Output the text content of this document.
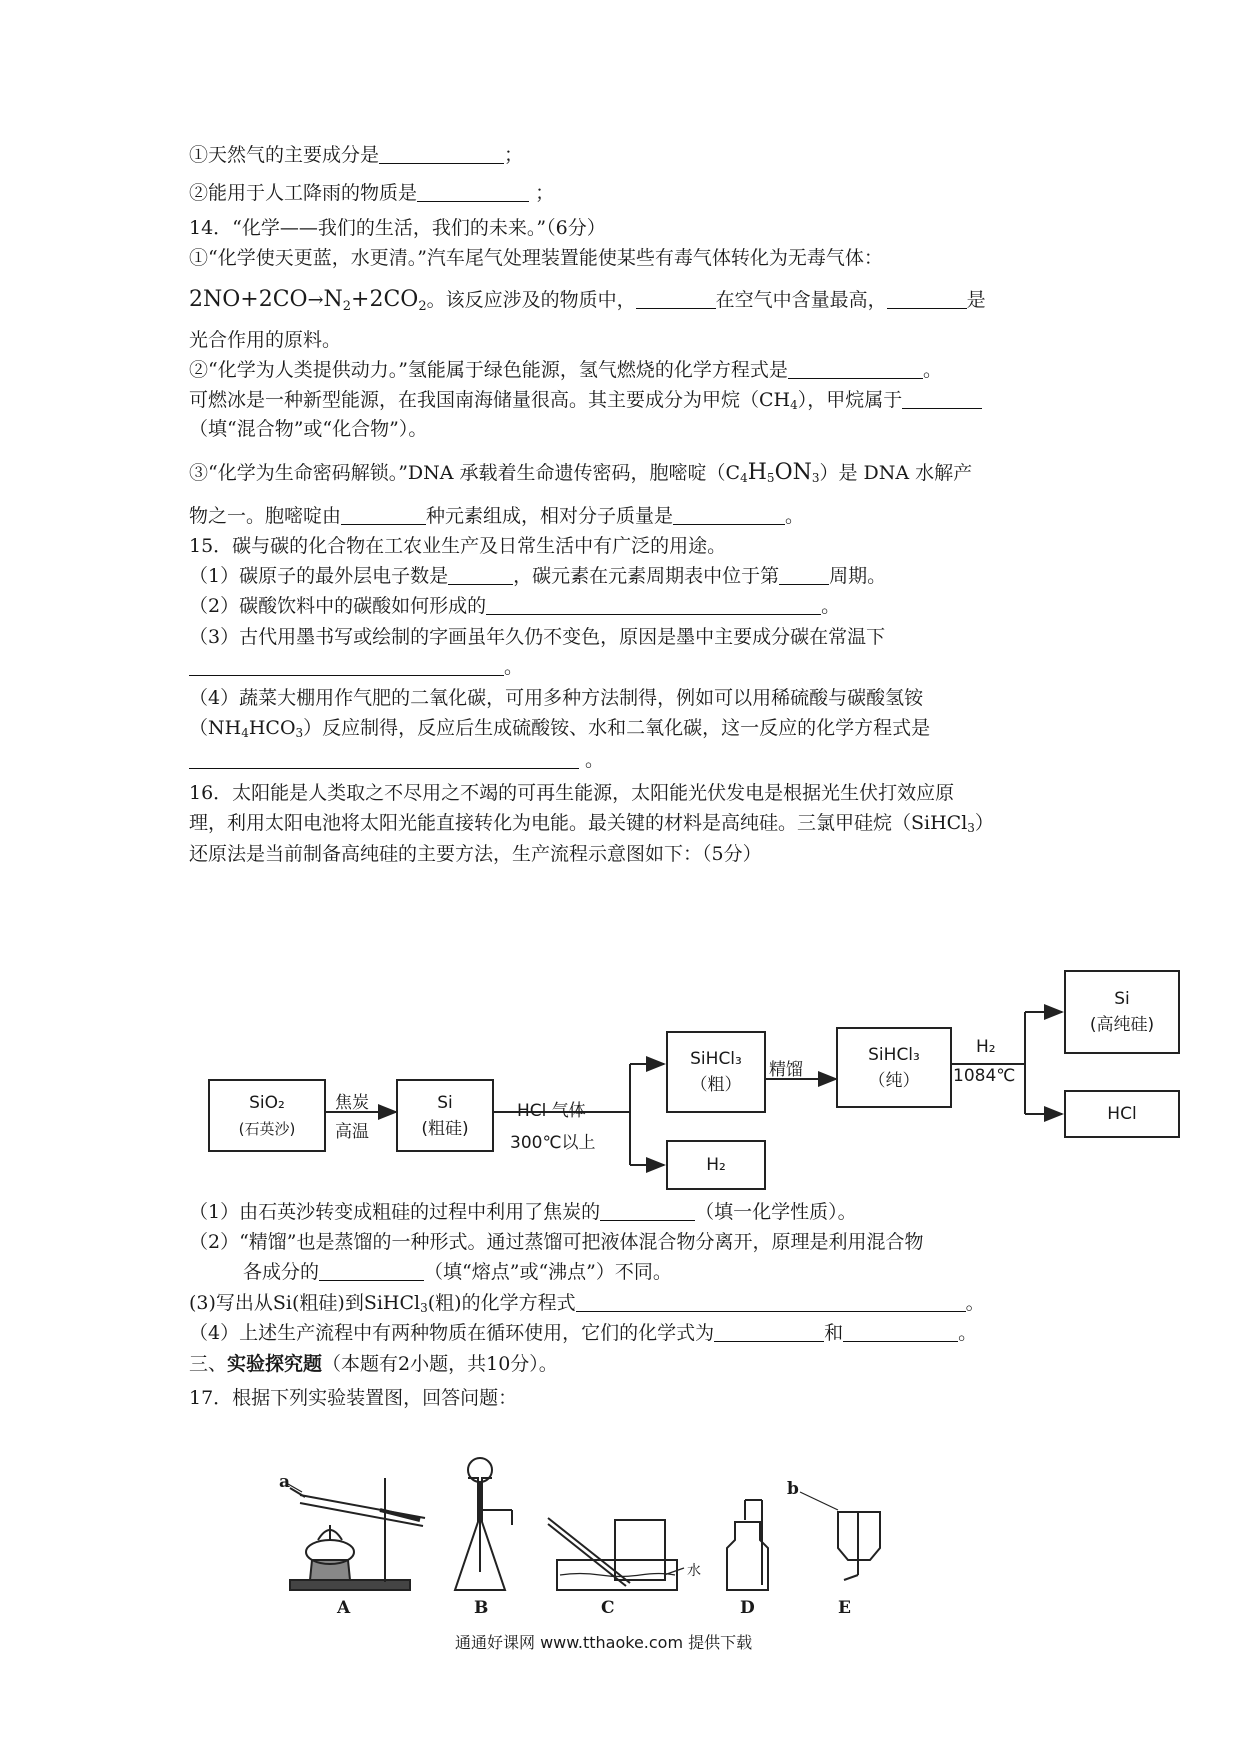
①天然气的主要成分是	；
②能用于人工降雨的物质是	；
14．“化学——我们的生活，我们的未来。”（6分）
①“化学使天更蓝，水更清。”汽车尾气处理装置能使某些有毒气体转化为无毒气体：
$2NO+2CO\to N_2+2CO_2$。该反应涉及的物质中，	在空气中含量最高，	是
光合作用的原料。
②“化学为人类提供动力。”氢能属于绿色能源，氢气燃烧的化学方程式是	。
可燃冰是一种新型能源，在我国南海储量很高。其主要成分为甲烷（CH4），甲烷属于
（填“混合物”或“化合物”）。
③“化学为生命密码解锁。”DNA 承载着生命遗传密码，胞嘧啶（C4H5ON3）是 DNA 水解产
物之一。胞嘧啶由	种元素组成，相对分子质量是	。
15．碳与碳的化合物在工农业生产及日常生活中有广泛的用途。
（1）碳原子的最外层电子数是	，碳元素在元素周期表中位于第	周期。
（2）碳酸饮料中的碳酸如何形成的	。
（3）古代用墨书写或绘制的字画虽年久仍不变色，原因是墨中主要成分碳在常温下
。
（4）蔬菜大棚用作气肥的二氧化碳，可用多种方法制得，例如可以用稀硫酸与碳酸氢铵
（NH4HCO3）反应制得，反应后生成硫酸铵、水和二氧化碳，这一反应的化学方程式是
。
16．太阳能是人类取之不尽用之不竭的可再生能源，太阳能光伏发电是根据光生伏打效应原
理，利用太阳电池将太阳光能直接转化为电能。最关键的材料是高纯硅。三氯甲硅烷（SiHCl3）
还原法是当前制备高纯硅的主要方法，生产流程示意图如下：（5分）
SiO₂
(石英沙)
焦炭
高温
Si
(粗硅)
HCl 气体
300℃以上
SiHCl₃
（粗）
H₂
精馏
SiHCl₃
（纯）
H₂
1084℃
Si
(高纯硅)
HCl
（1）由石英沙转变成粗硅的过程中利用了焦炭的	（填一化学性质）。
（2）“精馏”也是蒸馏的一种形式。通过蒸馏可把液体混合物分离开，原理是利用混合物
各成分的	（填“熔点”或“沸点”）不同。
(3)写出从Si(粗硅)到SiHCl3(粗)的化学方程式	。
（4）上述生产流程中有两种物质在循环使用，它们的化学式为	和	。
三、实验探究题（本题有2小题，共10分）。
17．根据下列实验装置图，回答问题：
a	b
水
A	B	C	D	E
通通好课网 www.tthaoke.com 提供下载
